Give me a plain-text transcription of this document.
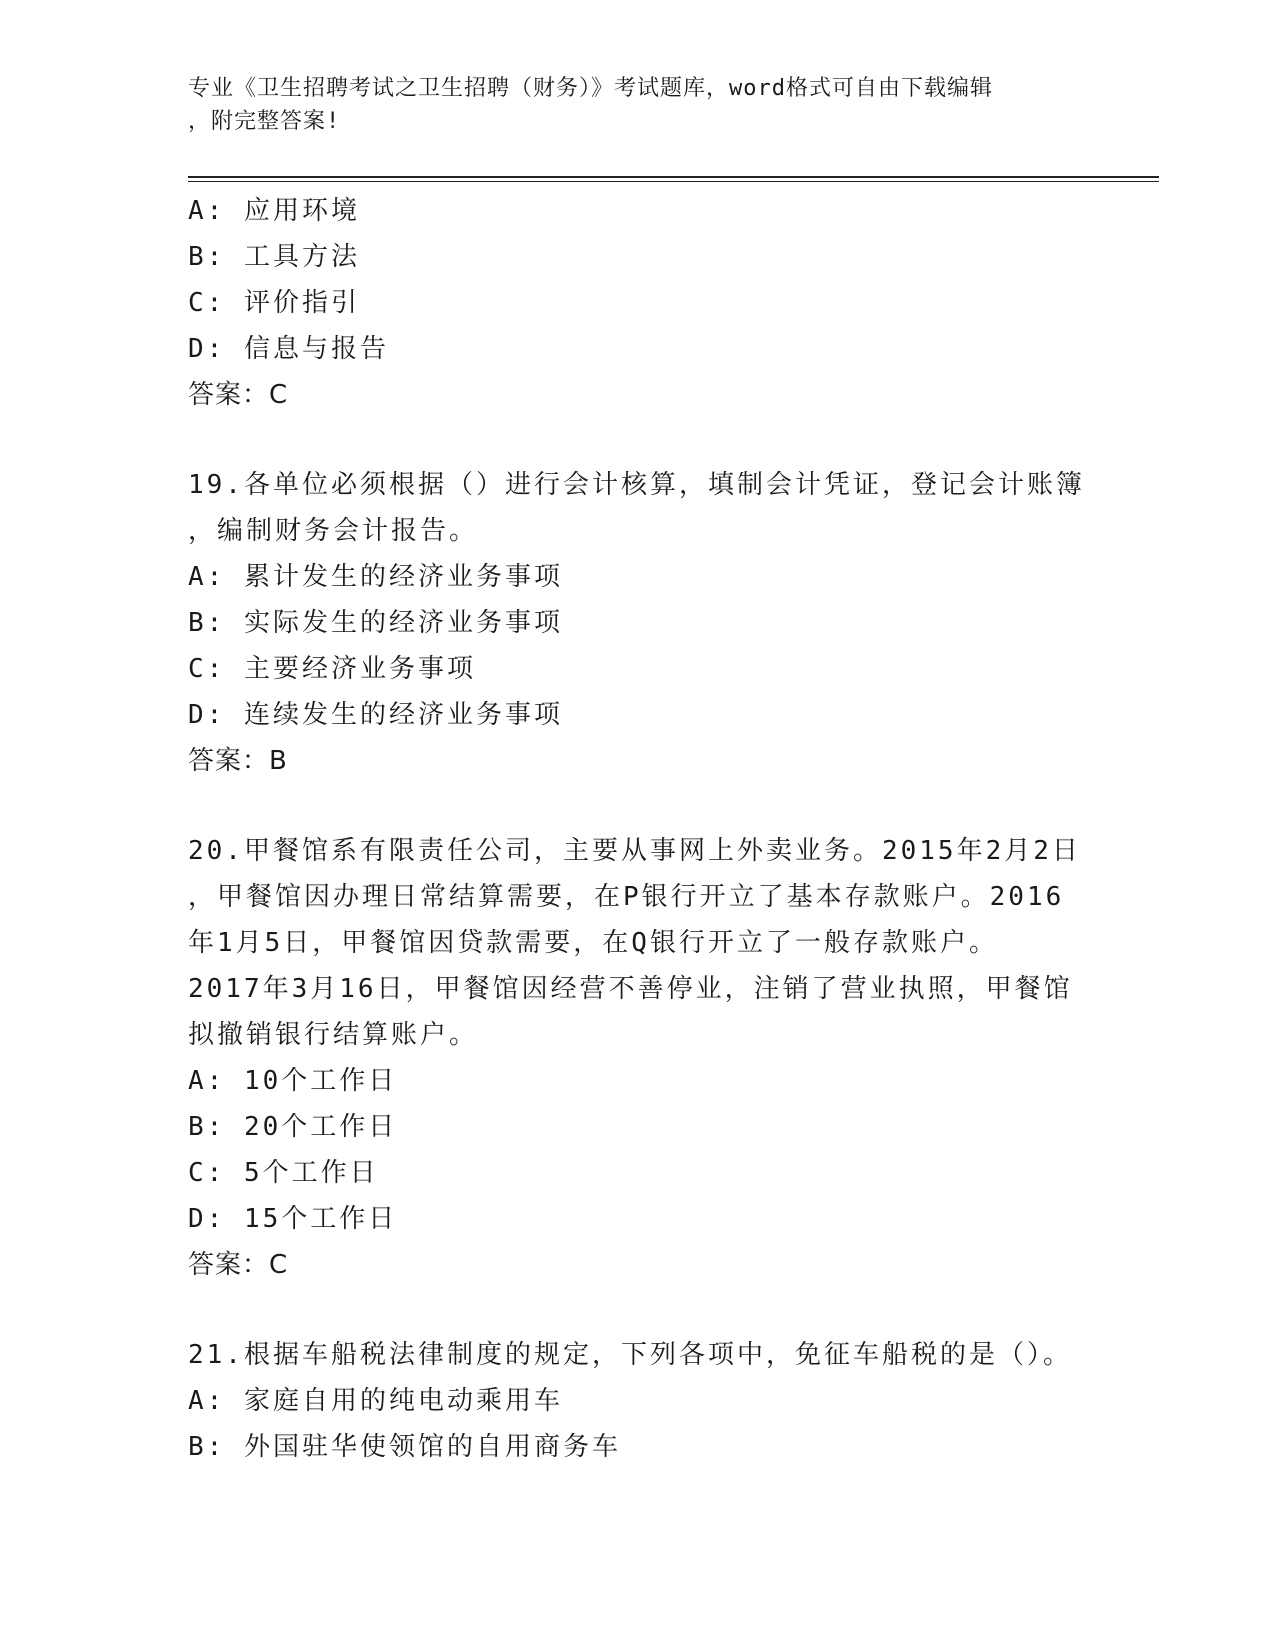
专业《卫生招聘考试之卫生招聘（财务）》考试题库，word格式可自由下载编辑
，附完整答案!
A: 应用环境
B: 工具方法
C: 评价指引
D: 信息与报告
答案：C
19.各单位必须根据（）进行会计核算，填制会计凭证，登记会计账簿
，编制财务会计报告。
A: 累计发生的经济业务事项
B: 实际发生的经济业务事项
C: 主要经济业务事项
D: 连续发生的经济业务事项
答案：B
20.甲餐馆系有限责任公司，主要从事网上外卖业务。2015年2月2日
，甲餐馆因办理日常结算需要，在P银行开立了基本存款账户。2016
年1月5日，甲餐馆因贷款需要，在Q银行开立了一般存款账户。
2017年3月16日，甲餐馆因经营不善停业，注销了营业执照，甲餐馆
拟撤销银行结算账户。
A: 10个工作日
B: 20个工作日
C: 5个工作日
D: 15个工作日
答案：C
21.根据车船税法律制度的规定，下列各项中，免征车船税的是（）。
A: 家庭自用的纯电动乘用车
B: 外国驻华使领馆的自用商务车
